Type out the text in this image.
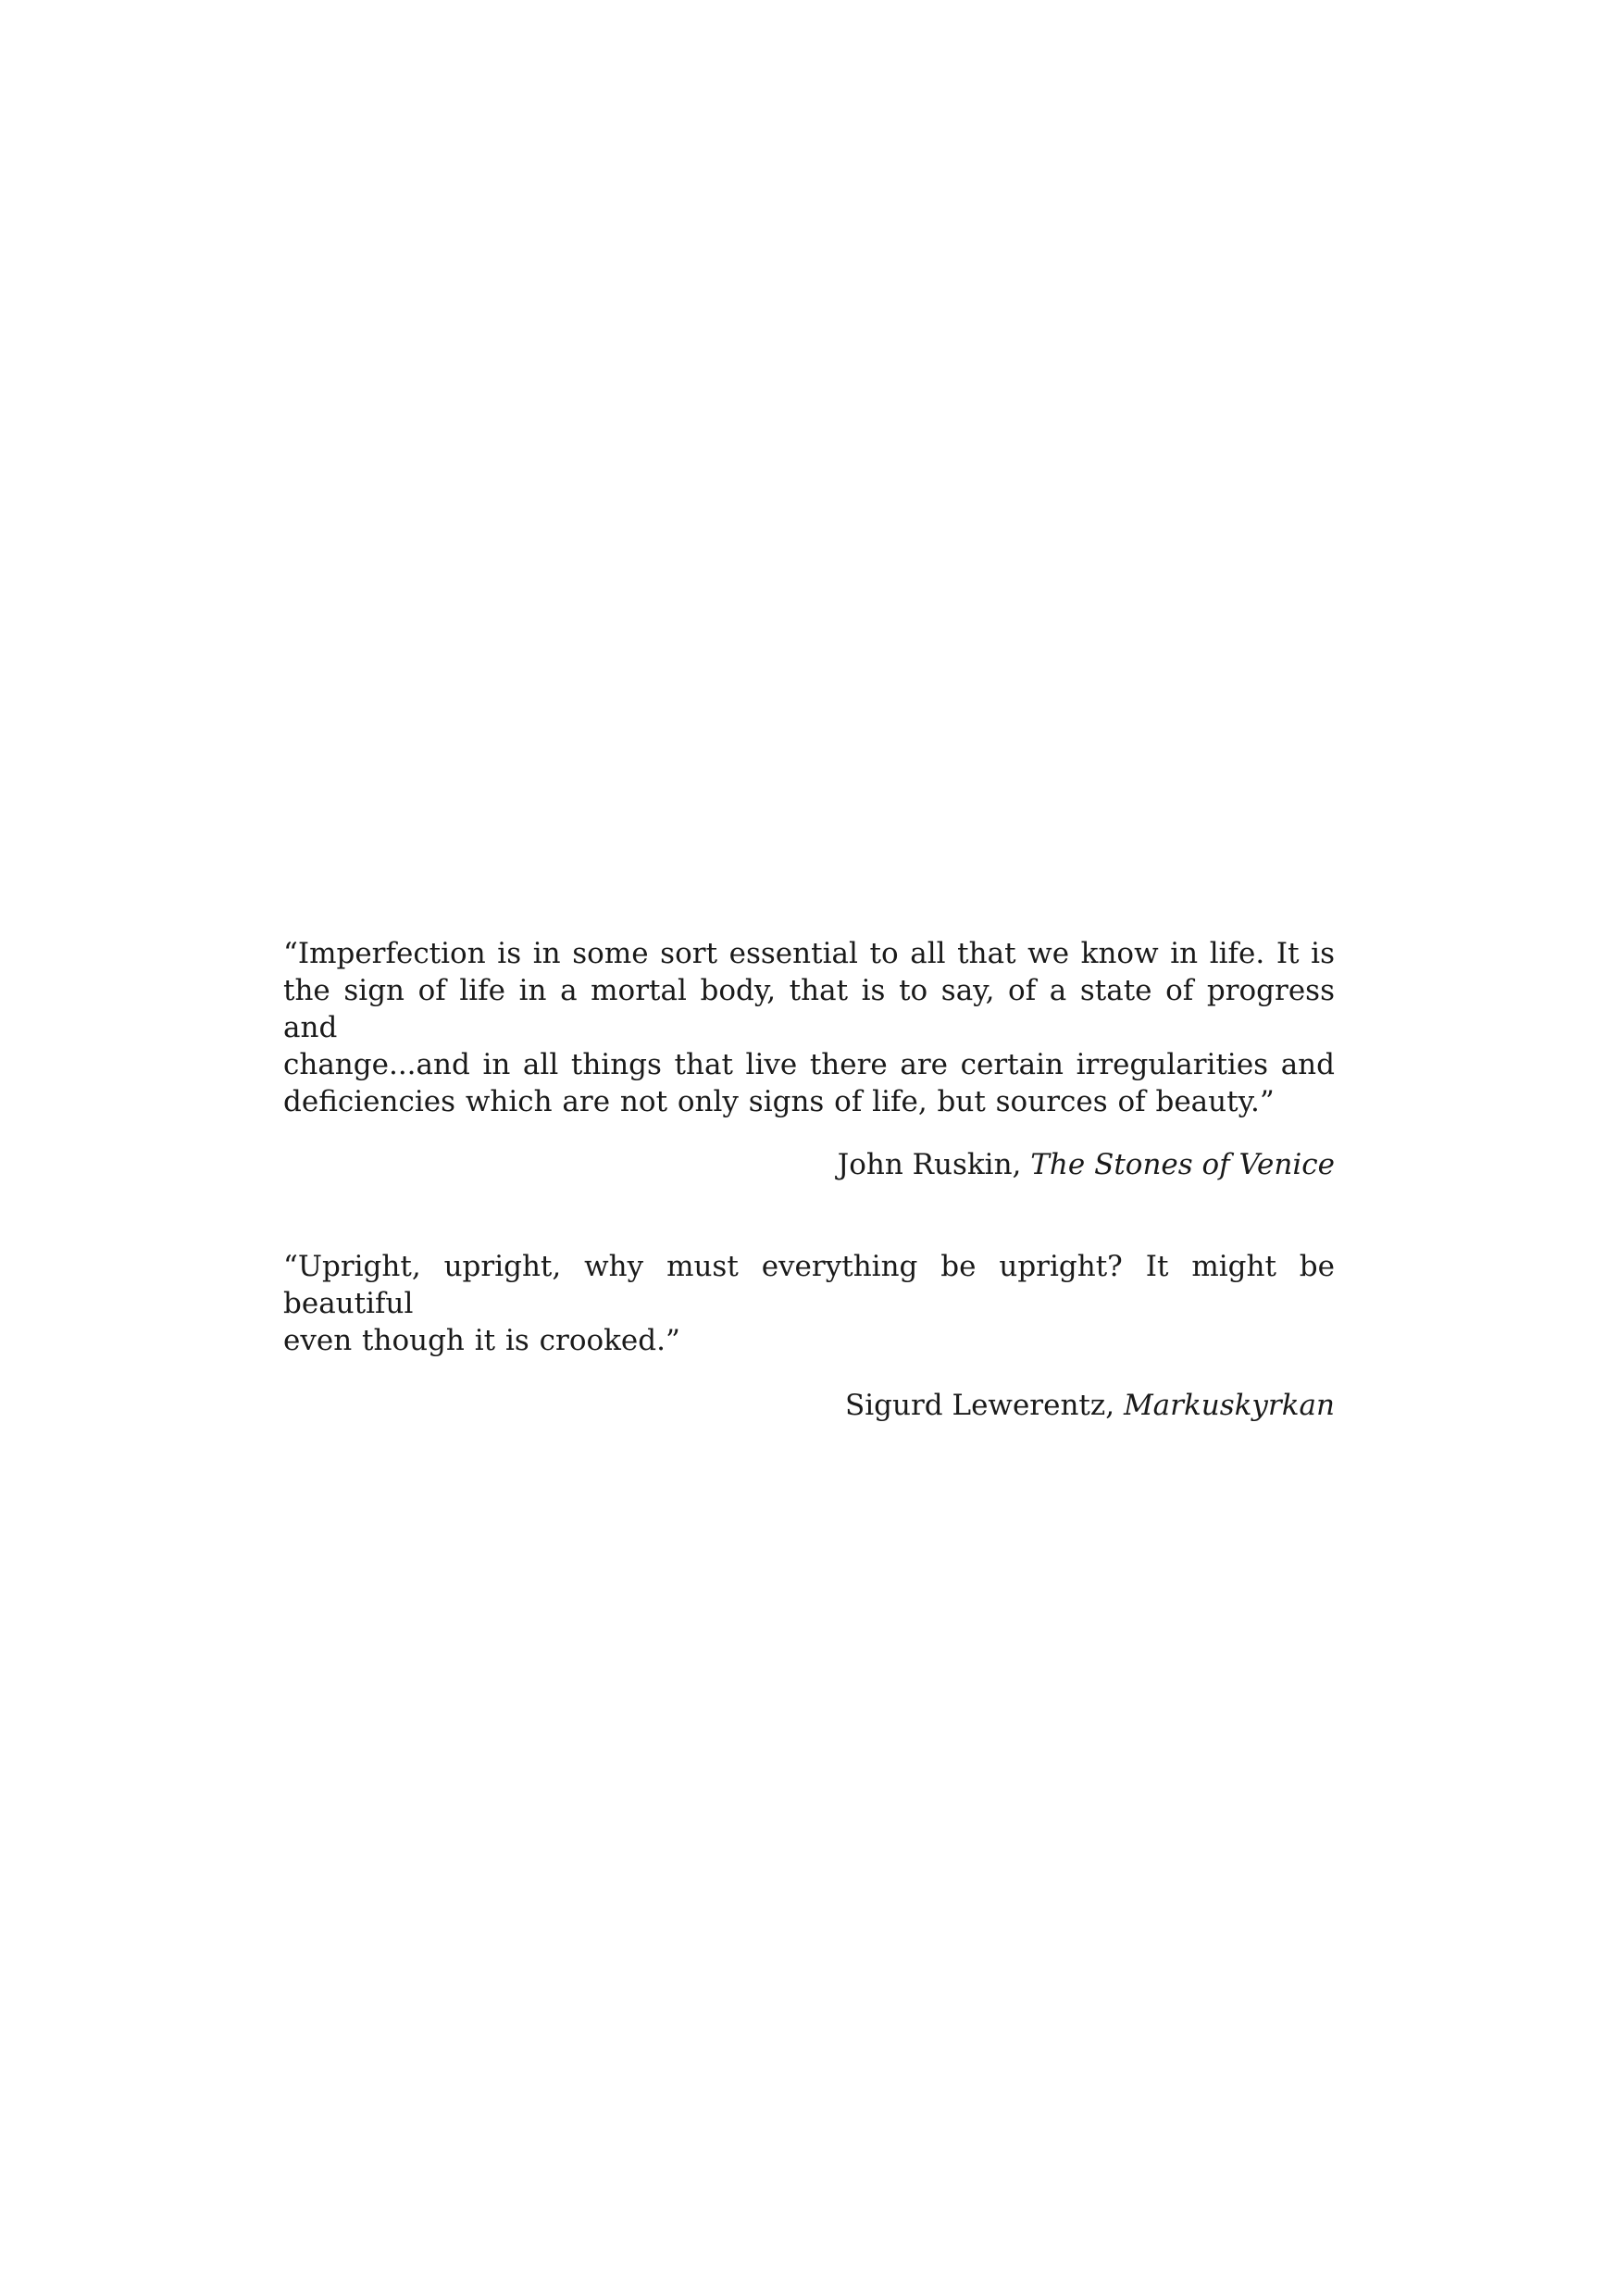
“Imperfection is in some sort essential to all that we know in life. It is
the sign of life in a mortal body, that is to say, of a state of progress and
change...and in all things that live there are certain irregularities and
deficiencies which are not only signs of life, but sources of beauty.”

John Ruskin, The Stones of Venice

“Upright, upright, why must everything be upright? It might be beautiful
even though it is crooked.”

Sigurd Lewerentz, Markuskyrkan
